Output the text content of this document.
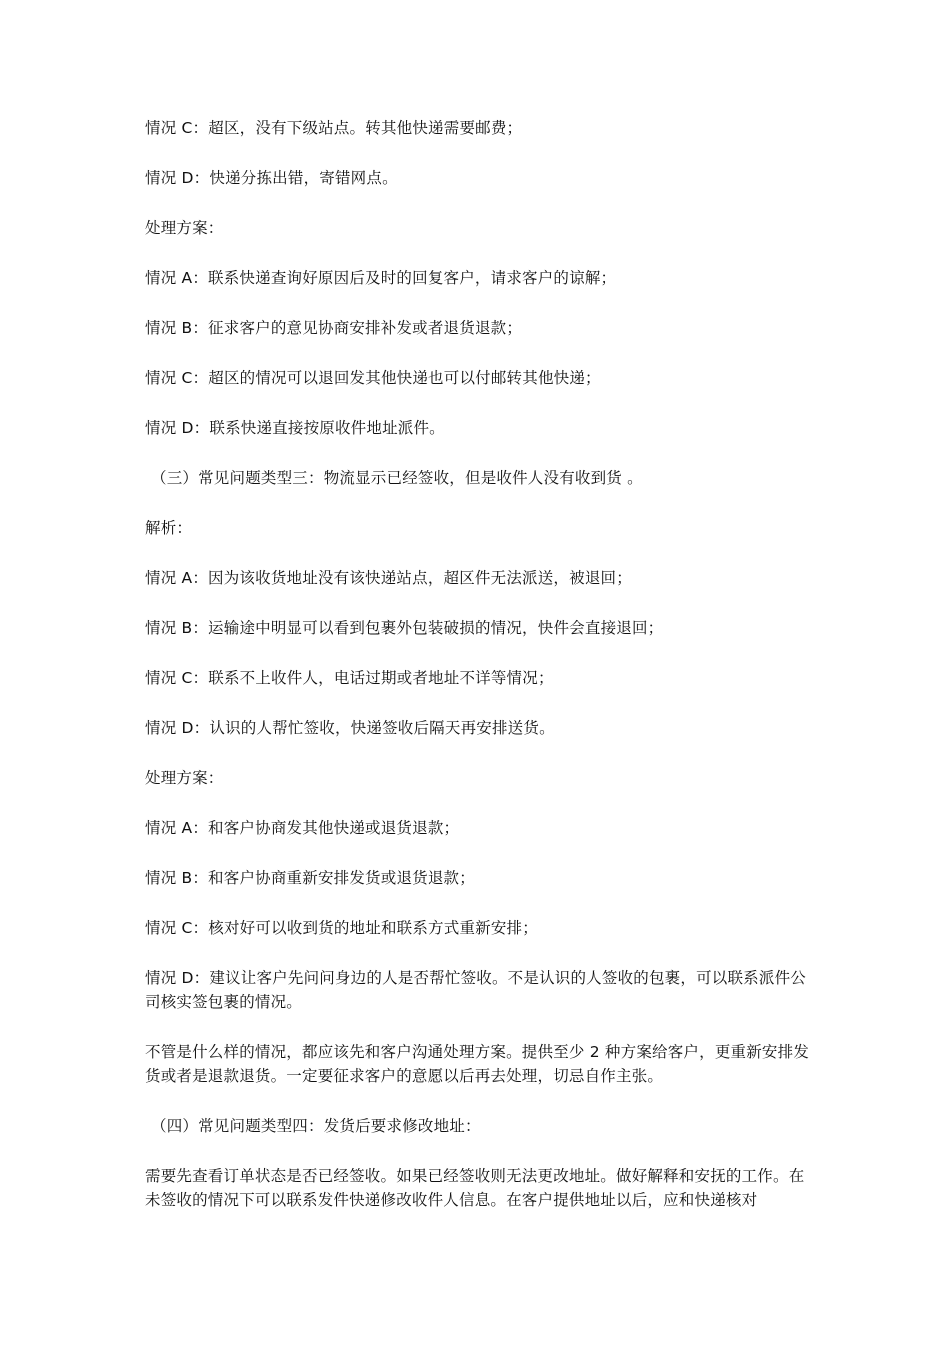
情况 C：超区，没有下级站点。转其他快递需要邮费；

情况 D：快递分拣出错，寄错网点。

处理方案：

情况 A：联系快递查询好原因后及时的回复客户，请求客户的谅解；

情况 B：征求客户的意见协商安排补发或者退货退款；

情况 C：超区的情况可以退回发其他快递也可以付邮转其他快递；

情况 D：联系快递直接按原收件地址派件。

（三）常见问题类型三：物流显示已经签收，但是收件人没有收到货 。

解析：

情况 A：因为该收货地址没有该快递站点，超区件无法派送，被退回；

情况 B：运输途中明显可以看到包裹外包装破损的情况，快件会直接退回；

情况 C：联系不上收件人，电话过期或者地址不详等情况；

情况 D：认识的人帮忙签收，快递签收后隔天再安排送货。

处理方案：

情况 A：和客户协商发其他快递或退货退款；

情况 B：和客户协商重新安排发货或退货退款；

情况 C：核对好可以收到货的地址和联系方式重新安排；

情况 D：建议让客户先问问身边的人是否帮忙签收。不是认识的人签收的包裹，可以联系派件公司核实签包裹的情况。

不管是什么样的情况，都应该先和客户沟通处理方案。提供至少 2 种方案给客户，更重新安排发货或者是退款退货。一定要征求客户的意愿以后再去处理，切忌自作主张。

（四）常见问题类型四：发货后要求修改地址：

需要先查看订单状态是否已经签收。如果已经签收则无法更改地址。做好解释和安抚的工作。在未签收的情况下可以联系发件快递修改收件人信息。在客户提供地址以后，应和快递核对
